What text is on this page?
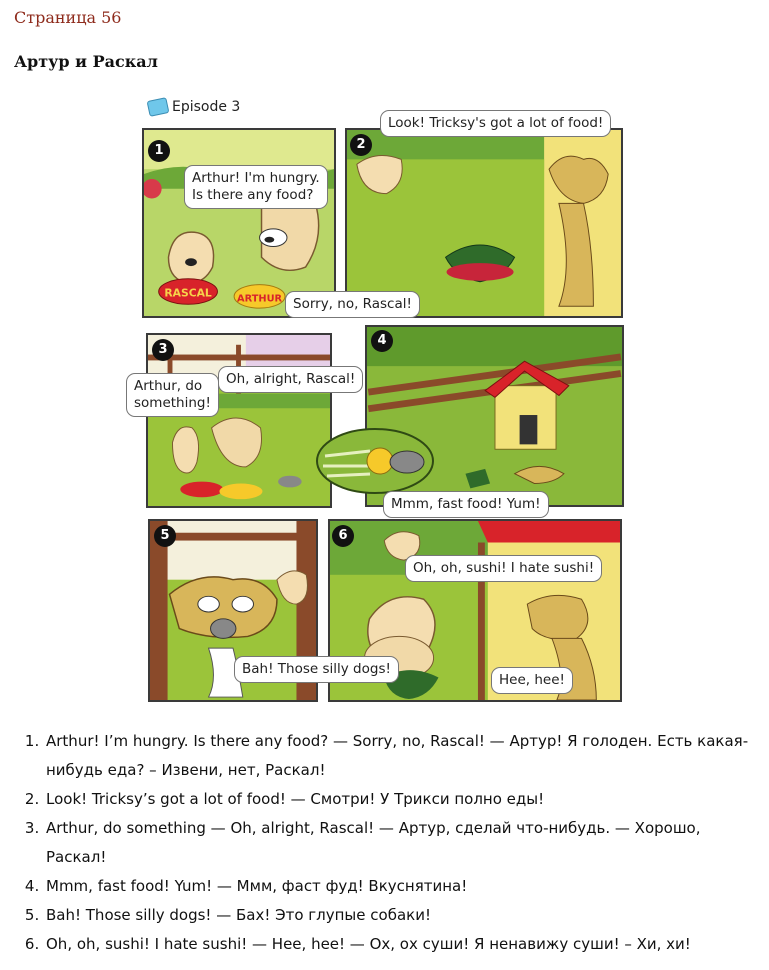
Страница 56
Артур и Раскал
Episode 3
RASCAL	ARTHUR
1
Arthur! I'm hungry.
Is there any food?
Sorry, no, Rascal!
2
Look! Tricksy's got a lot of food!
3
Arthur, do
something!
Oh, alright, Rascal!
4
Mmm, fast food! Yum!
5
Bah! Those silly dogs!
6
Oh, oh, sushi! I hate sushi!
Hee, hee!
1. Arthur! I’m hungry. Is there any food? — Sorry, no, Rascal! — Артур! Я голоден. Есть какая-нибудь еда? – Извени, нет, Раскал!
2. Look! Tricksy’s got a lot of food! — Смотри! У Трикси полно еды!
3. Arthur, do something — Oh, alright, Rascal! — Артур, сделай что-нибудь. — Хорошо, Раскал!
4. Mmm, fast food! Yum! — Ммм, фаст фуд! Вкуснятина!
5. Bah! Those silly dogs! — Бах! Это глупые собаки!
6. Oh, oh, sushi! I hate sushi! — Hee, hee! — Ох, ох суши! Я ненавижу суши! – Хи, хи!
